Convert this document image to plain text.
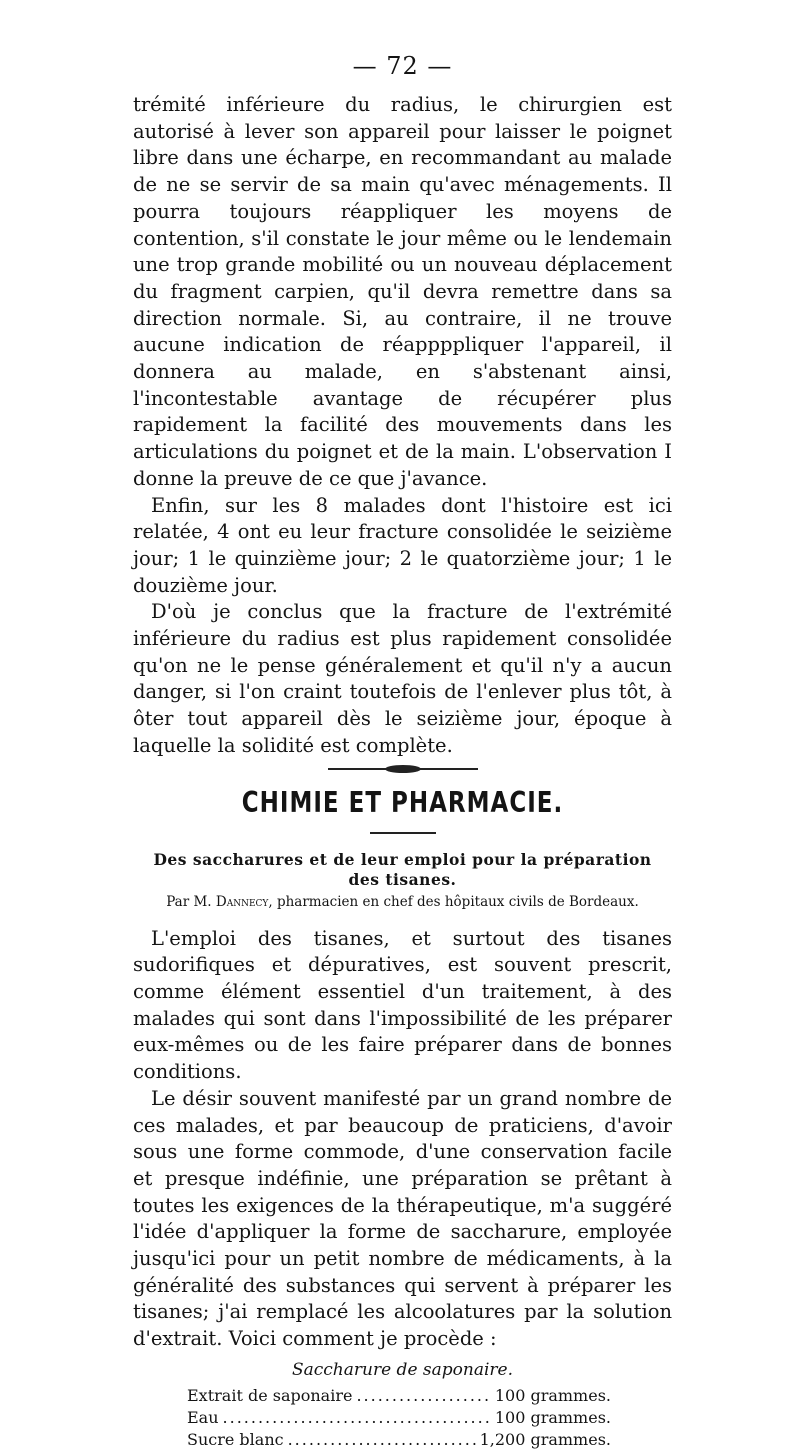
— 72 —

trémité inférieure du radius, le chirurgien est autorisé à lever son appareil pour laisser le poignet libre dans une écharpe, en recommandant au malade de ne se servir de sa main qu'avec ménagements. Il pourra toujours réappliquer les moyens de contention, s'il constate le jour même ou le lendemain une trop grande mobilité ou un nouveau déplacement du fragment carpien, qu'il devra remettre dans sa direction normale. Si, au contraire, il ne trouve aucune indication de réappppliquer l'appareil, il donnera au malade, en s'abstenant ainsi, l'incontestable avantage de récupérer plus rapidement la facilité des mouvements dans les articulations du poignet et de la main. L'observation I donne la preuve de ce que j'avance.

Enfin, sur les 8 malades dont l'histoire est ici relatée, 4 ont eu leur fracture consolidée le seizième jour; 1 le quinzième jour; 2 le quatorzième jour; 1 le douzième jour.

D'où je conclus que la fracture de l'extrémité inférieure du radius est plus rapidement consolidée qu'on ne le pense généralement et qu'il n'y a aucun danger, si l'on craint toutefois de l'enlever plus tôt, à ôter tout appareil dès le seizième jour, époque à laquelle la solidité est complète.

CHIMIE ET PHARMACIE.
Des saccharures et de leur emploi pour la préparation
des tisanes.
Par M. Dannecy, pharmacien en chef des hôpitaux civils de Bordeaux.

L'emploi des tisanes, et surtout des tisanes sudorifiques et dépuratives, est souvent prescrit, comme élément essentiel d'un traitement, à des malades qui sont dans l'impossibilité de les préparer eux-mêmes ou de les faire préparer dans de bonnes conditions.

Le désir souvent manifesté par un grand nombre de ces malades, et par beaucoup de praticiens, d'avoir sous une forme commode, d'une conservation facile et presque indéfinie, une préparation se prêtant à toutes les exigences de la thérapeutique, m'a suggéré l'idée d'appliquer la forme de saccharure, employée jusqu'ici pour un petit nombre de médicaments, à la généralité des substances qui servent à préparer les tisanes; j'ai remplacé les alcoolatures par la solution d'extrait. Voici comment je procède :

Saccharure de saponaire.
Extrait de saponaire .....	100 grammes.
Eau .....	100 grammes.
Sucre blanc .....	1,200 grammes.
